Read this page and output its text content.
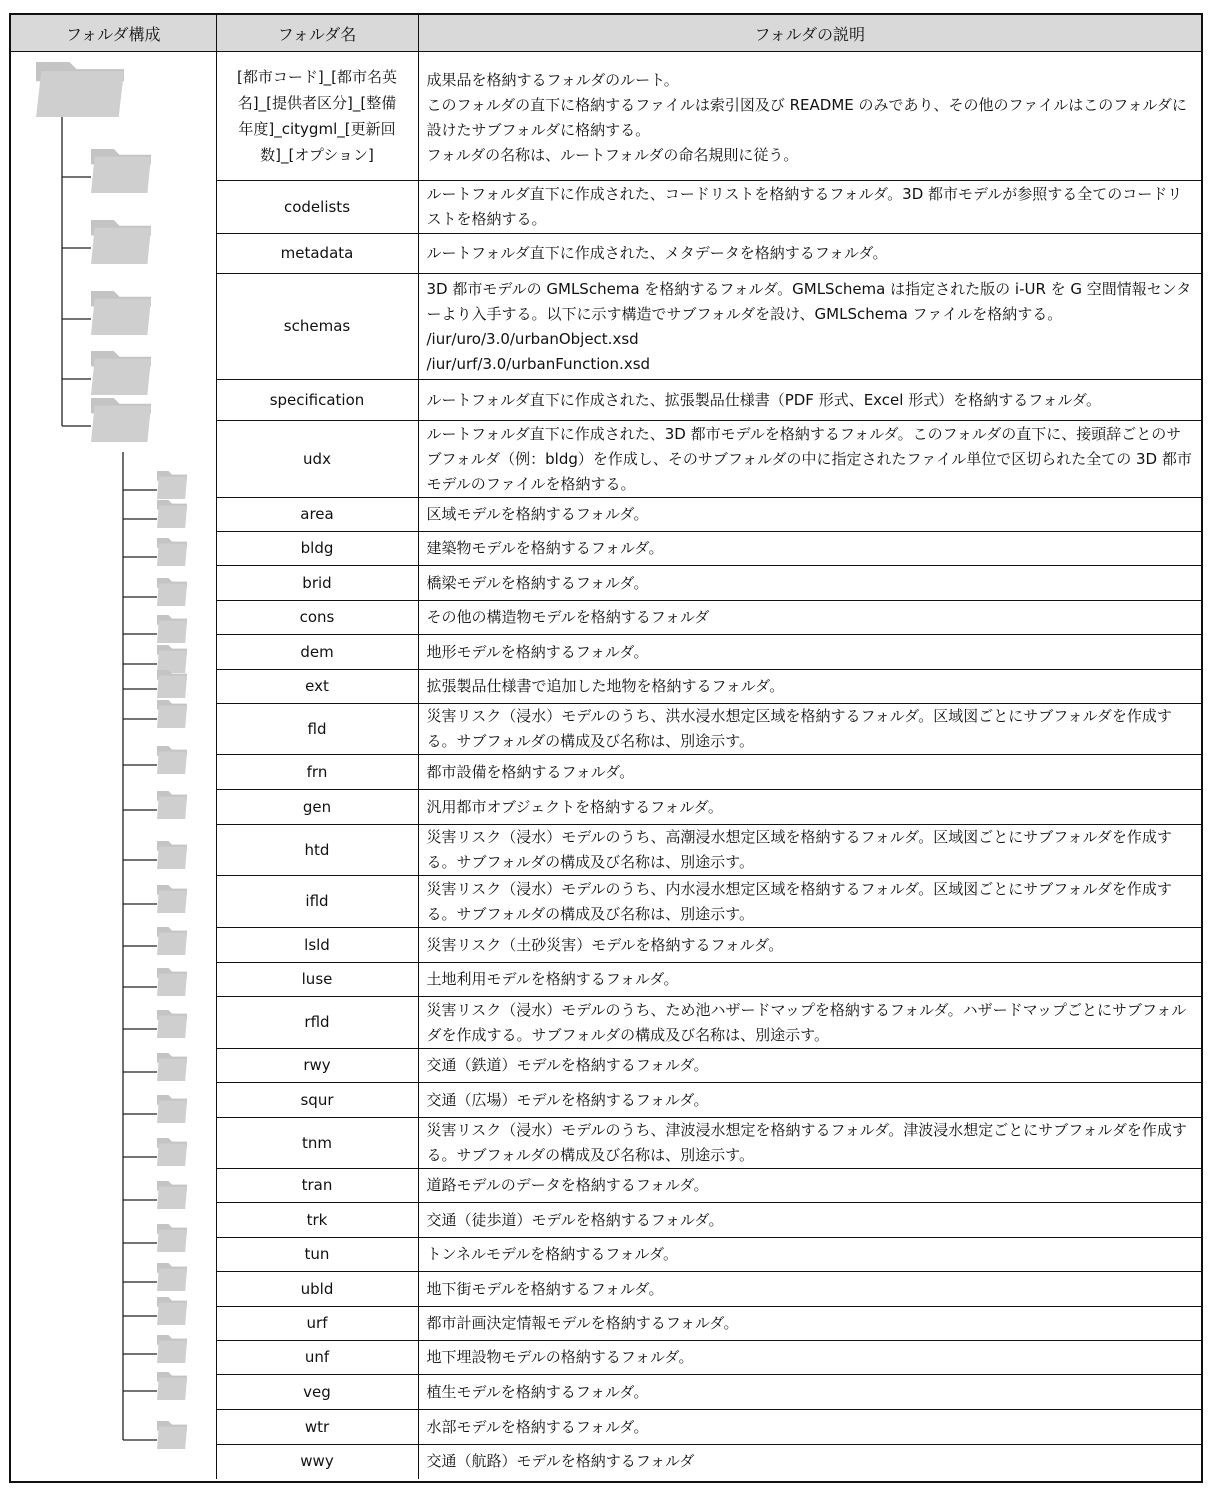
フォルダ構成	フォルダ名	フォルダの説明
	[都市コード]_[都市名英名]_[提供者区分]_[整備年度]_citygml_[更新回数]_[オプション]	成果品を格納するフォルダのルート。
このフォルダの直下に格納するファイルは索引図及び README のみであり、その他のファイルはこのフォルダに設けたサブフォルダに格納する。
フォルダの名称は、ルートフォルダの命名規則に従う。
	codelists	ルートフォルダ直下に作成された、コードリストを格納するフォルダ。3D 都市モデルが参照する全てのコードリストを格納する。
	metadata	ルートフォルダ直下に作成された、メタデータを格納するフォルダ。
	schemas	3D 都市モデルの GMLSchema を格納するフォルダ。GMLSchema は指定された版の i-UR を G 空間情報センターより入手する。以下に示す構造でサブフォルダを設け、GMLSchema ファイルを格納する。
/iur/uro/3.0/urbanObject.xsd
/iur/urf/3.0/urbanFunction.xsd
	specification	ルートフォルダ直下に作成された、拡張製品仕様書（PDF 形式、Excel 形式）を格納するフォルダ。
	udx	ルートフォルダ直下に作成された、3D 都市モデルを格納するフォルダ。このフォルダの直下に、接頭辞ごとのサブフォルダ（例：bldg）を作成し、そのサブフォルダの中に指定されたファイル単位で区切られた全ての 3D 都市モデルのファイルを格納する。
	area	区域モデルを格納するフォルダ。
	bldg	建築物モデルを格納するフォルダ。
	brid	橋梁モデルを格納するフォルダ。
	cons	その他の構造物モデルを格納するフォルダ
	dem	地形モデルを格納するフォルダ。
	ext	拡張製品仕様書で追加した地物を格納するフォルダ。
	fld	災害リスク（浸水）モデルのうち、洪水浸水想定区域を格納するフォルダ。区域図ごとにサブフォルダを作成する。サブフォルダの構成及び名称は、別途示す。
	frn	都市設備を格納するフォルダ。
	gen	汎用都市オブジェクトを格納するフォルダ。
	htd	災害リスク（浸水）モデルのうち、高潮浸水想定区域を格納するフォルダ。区域図ごとにサブフォルダを作成する。サブフォルダの構成及び名称は、別途示す。
	ifld	災害リスク（浸水）モデルのうち、内水浸水想定区域を格納するフォルダ。区域図ごとにサブフォルダを作成する。サブフォルダの構成及び名称は、別途示す。
	lsld	災害リスク（土砂災害）モデルを格納するフォルダ。
	luse	土地利用モデルを格納するフォルダ。
	rfld	災害リスク（浸水）モデルのうち、ため池ハザードマップを格納するフォルダ。ハザードマップごとにサブフォルダを作成する。サブフォルダの構成及び名称は、別途示す。
	rwy	交通（鉄道）モデルを格納するフォルダ。
	squr	交通（広場）モデルを格納するフォルダ。
	tnm	災害リスク（浸水）モデルのうち、津波浸水想定を格納するフォルダ。津波浸水想定ごとにサブフォルダを作成する。サブフォルダの構成及び名称は、別途示す。
	tran	道路モデルのデータを格納するフォルダ。
	trk	交通（徒歩道）モデルを格納するフォルダ。
	tun	トンネルモデルを格納するフォルダ。
	ubld	地下街モデルを格納するフォルダ。
	urf	都市計画決定情報モデルを格納するフォルダ。
	unf	地下埋設物モデルの格納するフォルダ。
	veg	植生モデルを格納するフォルダ。
	wtr	水部モデルを格納するフォルダ。
	wwy	交通（航路）モデルを格納するフォルダ
